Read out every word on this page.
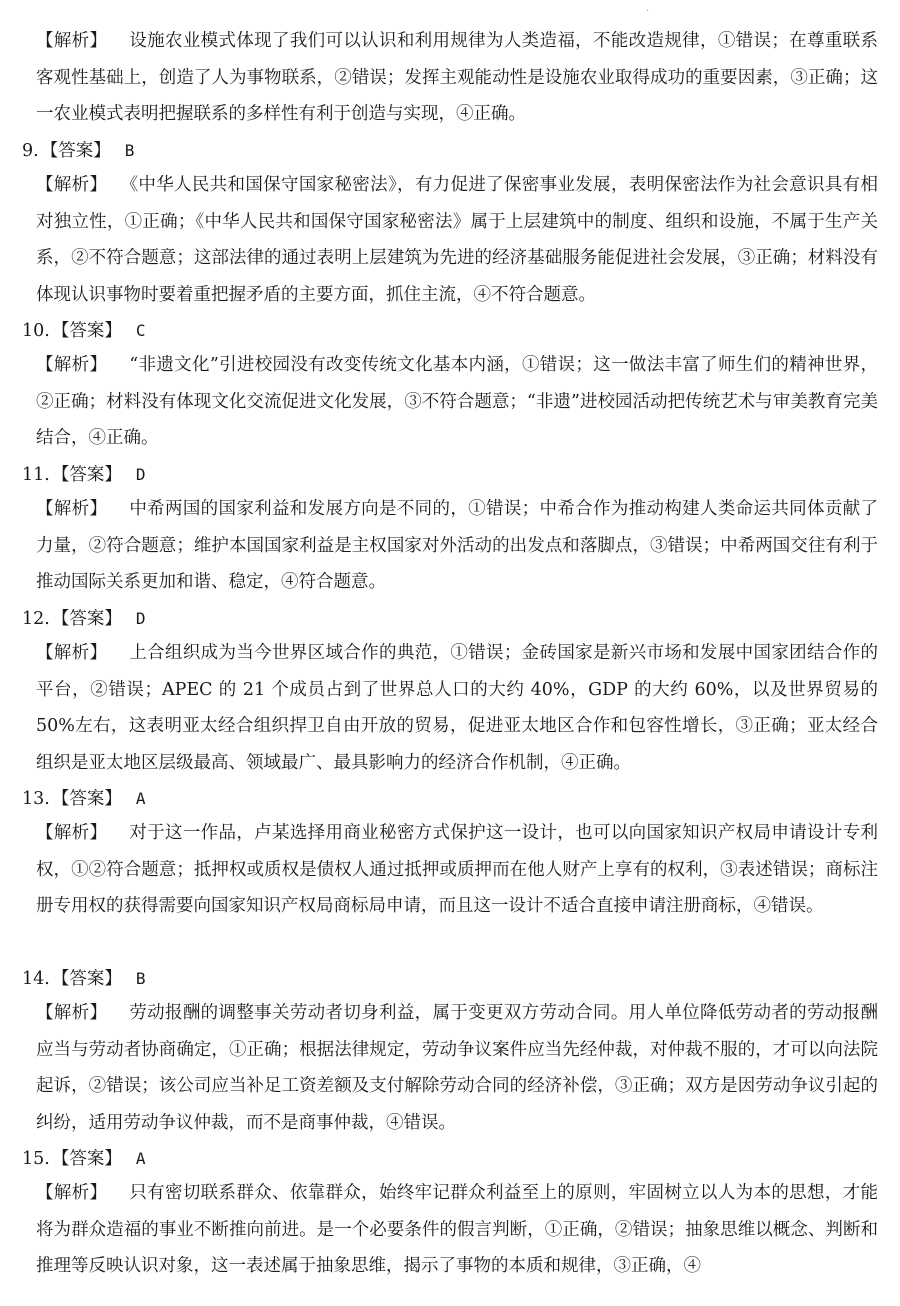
·

【解析】 设施农业模式体现了我们可以认识和利用规律为人类造福，不能改造规律，①错误；在尊重联系客观性基础上，创造了人为事物联系，②错误；发挥主观能动性是设施农业取得成功的重要因素，③正确；这一农业模式表明把握联系的多样性有利于创造与实现，④正确。

9. 【答案】 B

【解析】 《中华人民共和国保守国家秘密法》，有力促进了保密事业发展，表明保密法作为社会意识具有相对独立性，①正确；《中华人民共和国保守国家秘密法》属于上层建筑中的制度、组织和设施，不属于生产关系，②不符合题意；这部法律的通过表明上层建筑为先进的经济基础服务能促进社会发展，③正确；材料没有体现认识事物时要着重把握矛盾的主要方面，抓住主流，④不符合题意。

10. 【答案】 C

【解析】 “非遗文化”引进校园没有改变传统文化基本内涵，①错误；这一做法丰富了师生们的精神世界，②正确；材料没有体现文化交流促进文化发展，③不符合题意；“非遗”进校园活动把传统艺术与审美教育完美结合，④正确。

11. 【答案】 D

【解析】 中希两国的国家利益和发展方向是不同的，①错误；中希合作为推动构建人类命运共同体贡献了力量，②符合题意；维护本国国家利益是主权国家对外活动的出发点和落脚点，③错误；中希两国交往有利于推动国际关系更加和谐、稳定，④符合题意。

12. 【答案】 D

【解析】 上合组织成为当今世界区域合作的典范，①错误；金砖国家是新兴市场和发展中国家团结合作的平台，②错误；APEC 的 21 个成员占到了世界总人口的大约 40%，GDP 的大约 60%，以及世界贸易的 50%左右，这表明亚太经合组织捍卫自由开放的贸易，促进亚太地区合作和包容性增长，③正确；亚太经合组织是亚太地区层级最高、领域最广、最具影响力的经济合作机制，④正确。

13. 【答案】 A

【解析】 对于这一作品，卢某选择用商业秘密方式保护这一设计，也可以向国家知识产权局申请设计专利权，①②符合题意；抵押权或质权是债权人通过抵押或质押而在他人财产上享有的权利，③表述错误；商标注册专用权的获得需要向国家知识产权局商标局申请，而且这一设计不适合直接申请注册商标，④错误。

14. 【答案】 B

【解析】 劳动报酬的调整事关劳动者切身利益，属于变更双方劳动合同。用人单位降低劳动者的劳动报酬应当与劳动者协商确定，①正确；根据法律规定，劳动争议案件应当先经仲裁，对仲裁不服的，才可以向法院起诉，②错误；该公司应当补足工资差额及支付解除劳动合同的经济补偿，③正确；双方是因劳动争议引起的纠纷，适用劳动争议仲裁，而不是商事仲裁，④错误。

15. 【答案】 A

【解析】 只有密切联系群众、依靠群众，始终牢记群众利益至上的原则，牢固树立以人为本的思想，才能将为群众造福的事业不断推向前进。是一个必要条件的假言判断，①正确，②错误；抽象思维以概念、判断和推理等反映认识对象，这一表述属于抽象思维，揭示了事物的本质和规律，③正确，④
